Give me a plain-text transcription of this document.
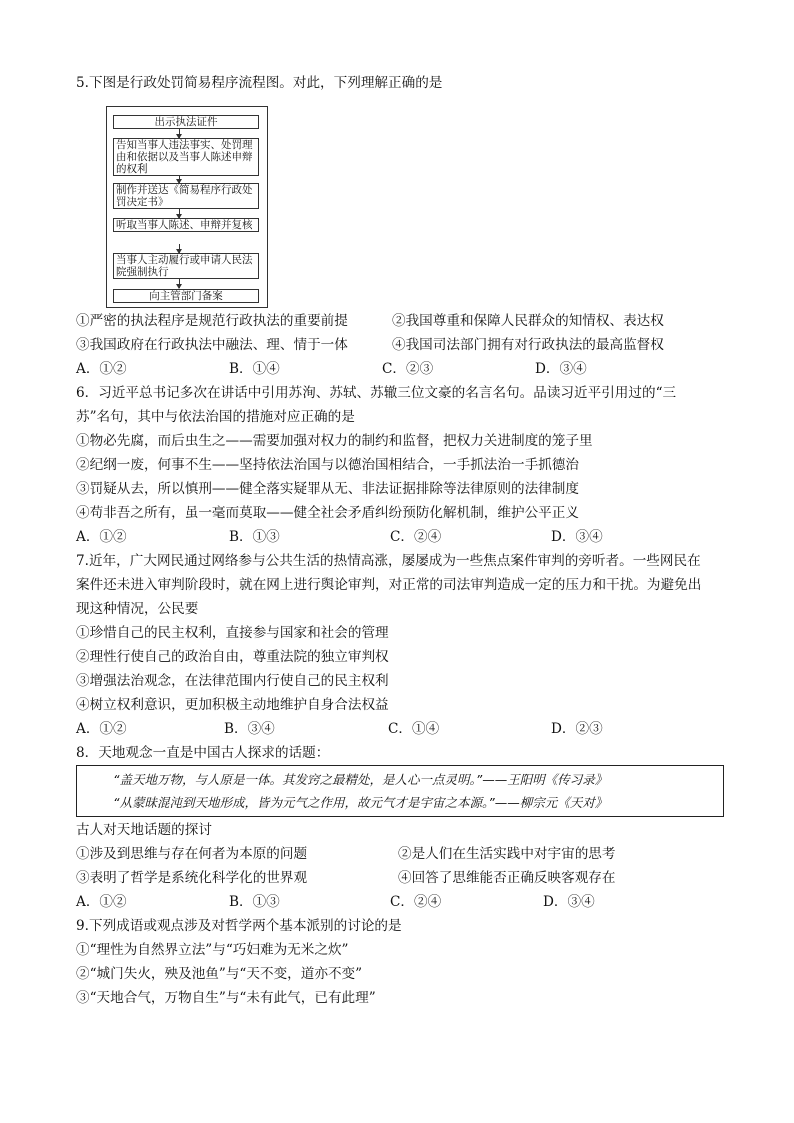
5.下图是行政处罚简易程序流程图。对此，下列理解正确的是

出示执法证件
告知当事人违法事实、处罚理由和依据以及当事人陈述申辩的权利
制作并送达《简易程序行政处罚决定书》
听取当事人陈述、申辩并复核
当事人主动履行或申请人民法院强制执行
向主管部门备案
①严密的执法程序是规范行政执法的重要前提	②我国尊重和保障人民群众的知情权、表达权
③我国政府在行政执法中融法、理、情于一体	④我国司法部门拥有对行政执法的最高监督权
A．①②	B．①④	C．②③	D．③④

6．习近平总书记多次在讲话中引用苏洵、苏轼、苏辙三位文豪的名言名句。品读习近平引用过的“三

苏”名句，其中与依法治国的措施对应正确的是

①物必先腐，而后虫生之——需要加强对权力的制约和监督，把权力关进制度的笼子里

②纪纲一废，何事不生——坚持依法治国与以德治国相结合，一手抓法治一手抓德治

③罚疑从去，所以慎刑——健全落实疑罪从无、非法证据排除等法律原则的法律制度

④苟非吾之所有，虽一毫而莫取——健全社会矛盾纠纷预防化解机制，维护公平正义

A．①②	B．①③	C．②④	D．③④

7.近年，广大网民通过网络参与公共生活的热情高涨，屡屡成为一些焦点案件审判的旁听者。一些网民在

案件还未进入审判阶段时，就在网上进行舆论审判，对正常的司法审判造成一定的压力和干扰。为避免出

现这种情况，公民要

①珍惜自己的民主权利，直接参与国家和社会的管理

②理性行使自己的政治自由，尊重法院的独立审判权

③增强法治观念，在法律范围内行使自己的民主权利

④树立权利意识，更加积极主动地维护自身合法权益

A．①②	B．③④	C．①④	D．②③

8．天地观念一直是中国古人探求的话题：

“盖天地万物，与人原是一体。其发窍之最精处，是人心一点灵明。”——王阳明《传习录》
“从蒙昧混沌到天地形成，皆为元气之作用，故元气才是宇宙之本源。”——柳宗元《天对》

古人对天地话题的探讨

①涉及到思维与存在何者为本原的问题	②是人们在生活实践中对宇宙的思考
③表明了哲学是系统化科学化的世界观	④回答了思维能否正确反映客观存在
A．①②	B．①③	C．②④	D．③④

9.下列成语或观点涉及对哲学两个基本派别的讨论的是

①“理性为自然界立法”与“巧妇难为无米之炊”

②“城门失火，殃及池鱼”与“天不变，道亦不变”

③“天地合气，万物自生”与“未有此气，已有此理”
